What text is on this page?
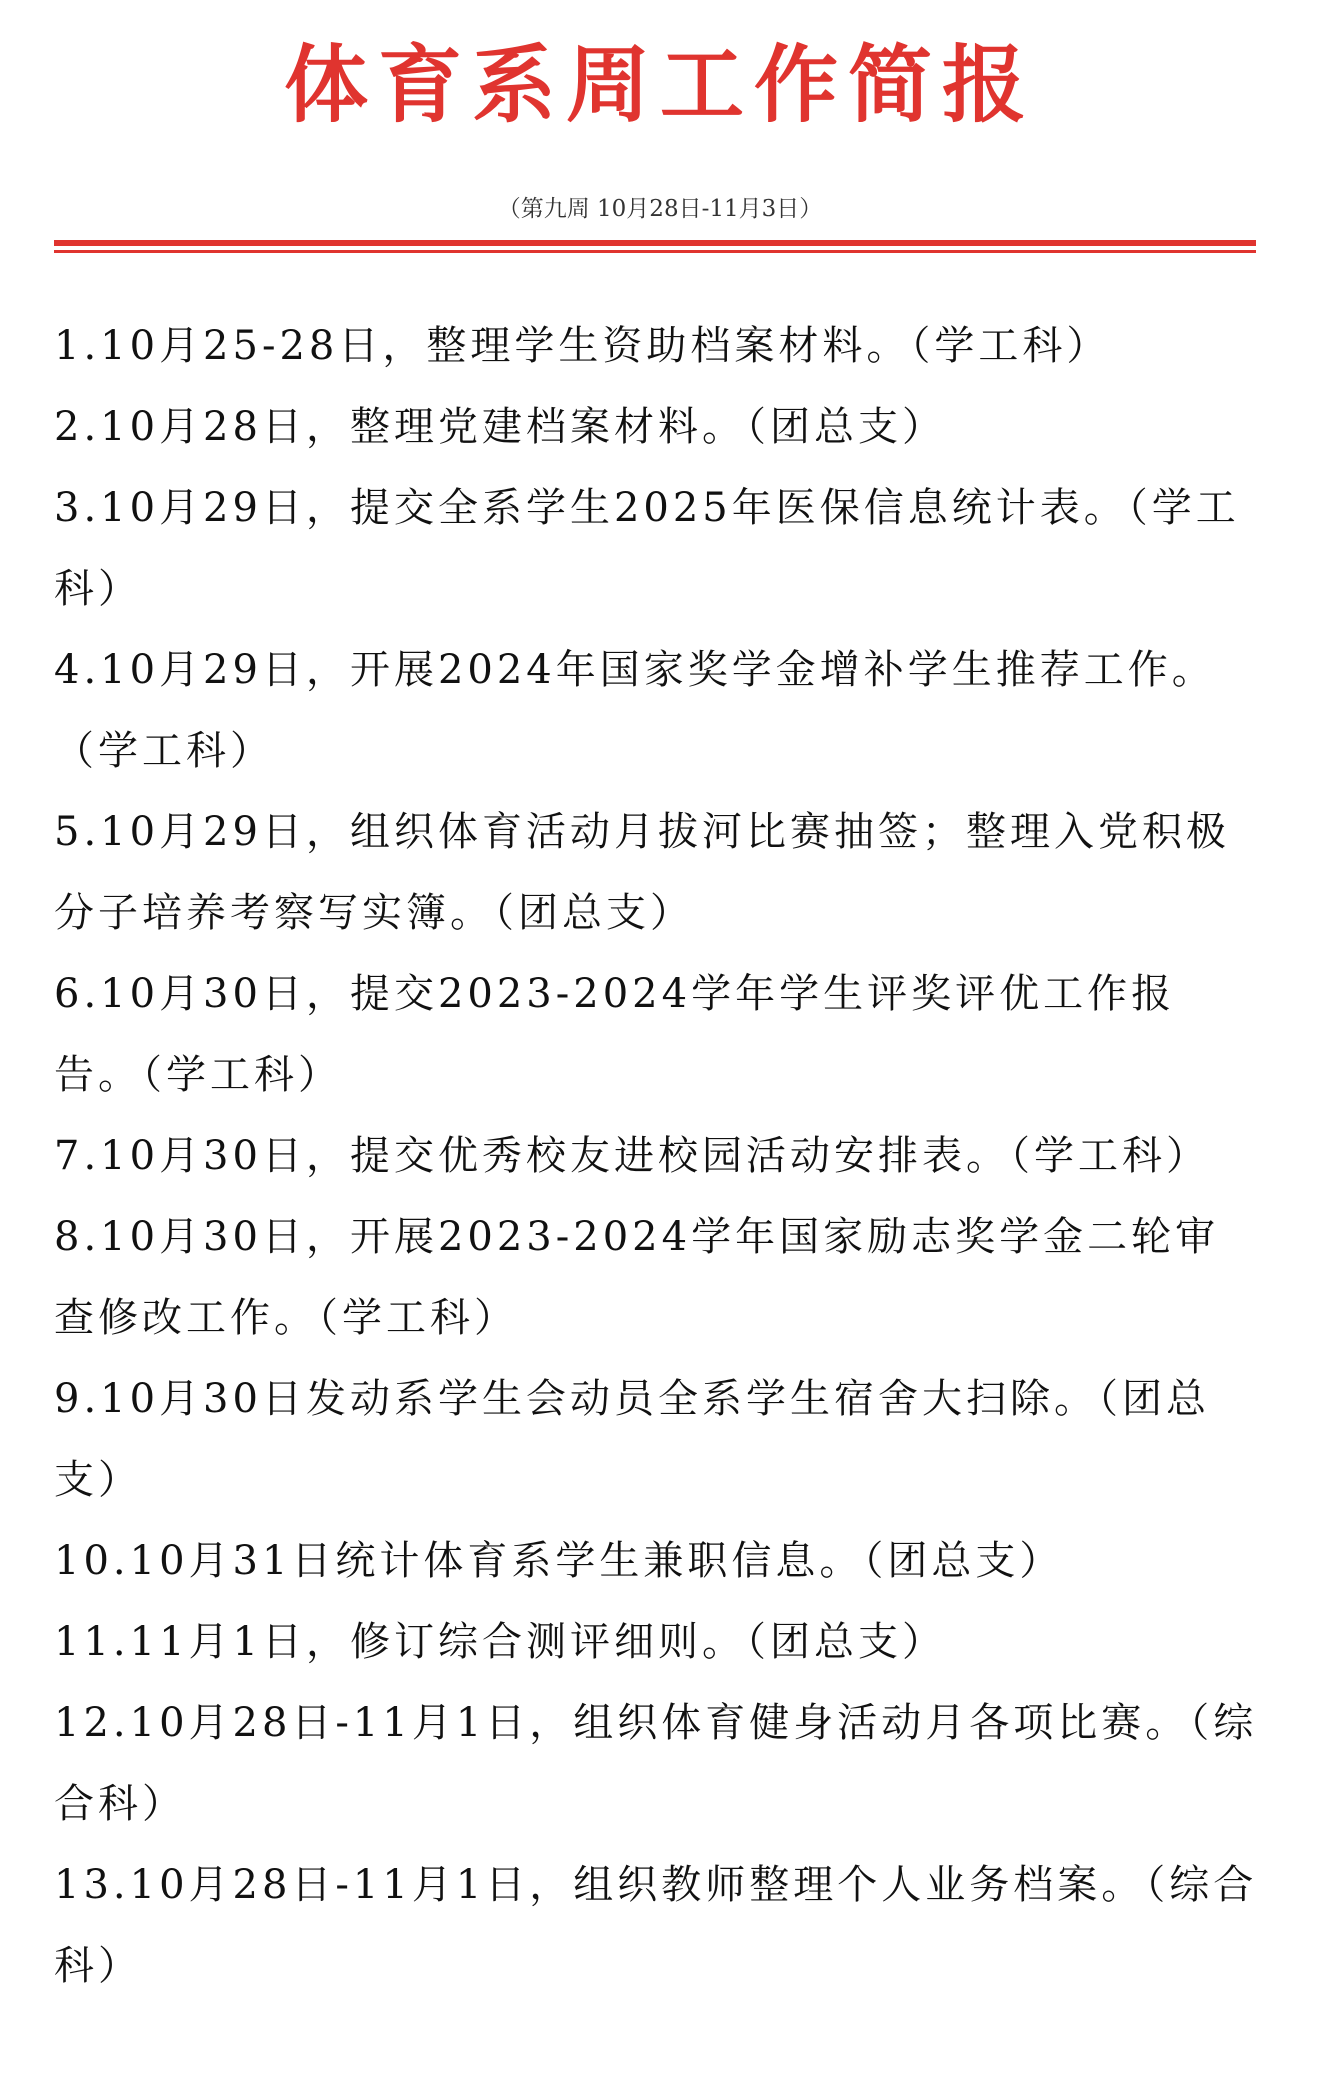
体育系周工作简报

（第九周 10月28日-11月3日）

1.10月25-28日，整理学生资助档案材料。（学工科）
2.10月28日，整理党建档案材料。（团总支）
3.10月29日，提交全系学生2025年医保信息统计表。（学工科）
4.10月29日，开展2024年国家奖学金增补学生推荐工作。（学工科）
5.10月29日，组织体育活动月拔河比赛抽签；整理入党积极分子培养考察写实簿。（团总支）
6.10月30日，提交2023-2024学年学生评奖评优工作报告。（学工科）
7.10月30日，提交优秀校友进校园活动安排表。（学工科）
8.10月30日，开展2023-2024学年国家励志奖学金二轮审查修改工作。（学工科）
9.10月30日发动系学生会动员全系学生宿舍大扫除。（团总支）
10.10月31日统计体育系学生兼职信息。（团总支）
11.11月1日，修订综合测评细则。（团总支）
12.10月28日-11月1日，组织体育健身活动月各项比赛。（综合科）
13.10月28日-11月1日，组织教师整理个人业务档案。（综合科）
